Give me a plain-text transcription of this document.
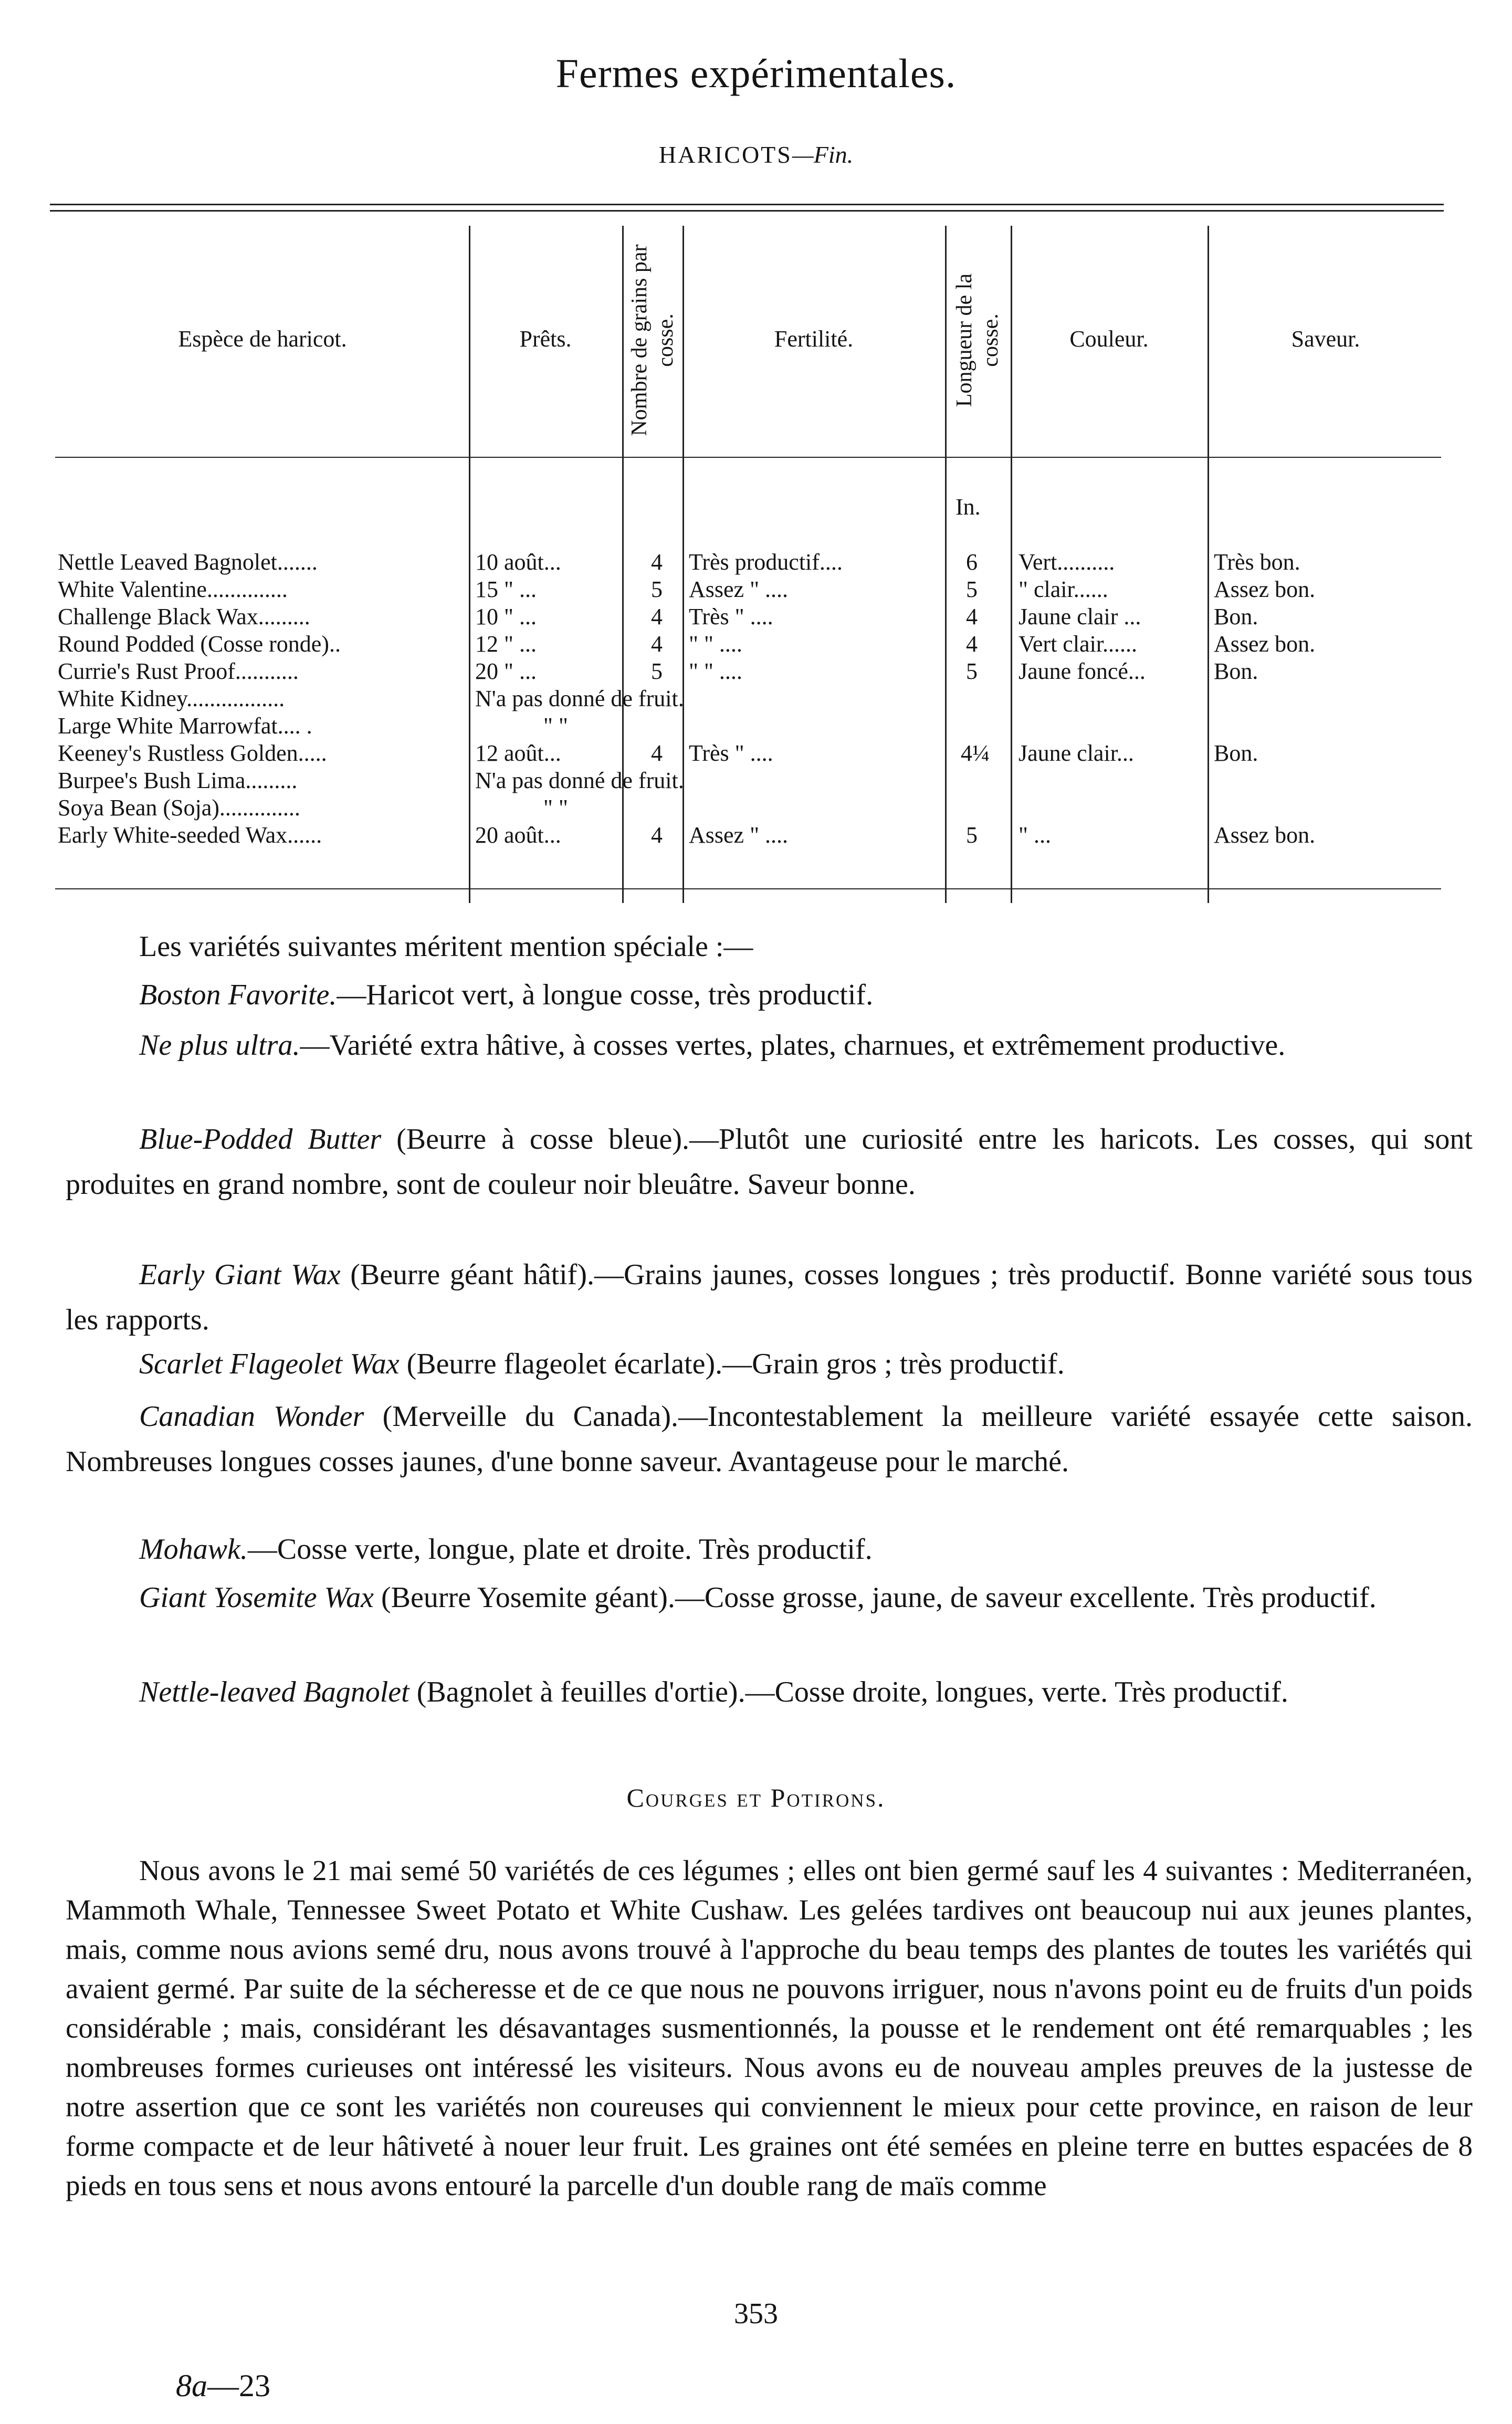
Fermes expérimentales.
HARICOTS—Fin.
Espèce de haricot.	Prêts.	Nombre de grains par cosse.	Fertilité.	Longueur de la cosse.	Couleur.	Saveur.
In.
Nettle Leaved Bagnolet.......	10 août...	4 Très productif....	6 Vert..........	Très bon.
White Valentine..............	15 " ...	5 Assez " ....	5 " clair......	Assez bon.
Challenge Black Wax.........	10 " ...	4 Très " ....	4 Jaune clair ...	Bon.
Round Podded (Cosse ronde)..	12 " ...	4 " " ....	4 Vert clair......	Assez bon.
Currie's Rust Proof...........	20 " ...	5 " " ....	5 Jaune foncé...	Bon.
White Kidney.................	N'a pas donné de fruit.
Large White Marrowfat.... .	" "
Keeney's Rustless Golden.....	12 août...	4 Très " ....	4¼ Jaune clair...	Bon.
Burpee's Bush Lima.........	N'a pas donné de fruit.
Soya Bean (Soja)..............	" "
Early White-seeded Wax......	20 août...	4 Assez " ....	5 " ...	Assez bon.
Les variétés suivantes méritent mention spéciale :—
Boston Favorite.—Haricot vert, à longue cosse, très productif.
Ne plus ultra.—Variété extra hâtive, à cosses vertes, plates, charnues, et extrêmement productive.
Blue-Podded Butter (Beurre à cosse bleue).—Plutôt une curiosité entre les haricots. Les cosses, qui sont produites en grand nombre, sont de couleur noir bleuâtre. Saveur bonne.
Early Giant Wax (Beurre géant hâtif).—Grains jaunes, cosses longues ; très productif. Bonne variété sous tous les rapports.
Scarlet Flageolet Wax (Beurre flageolet écarlate).—Grain gros ; très productif.
Canadian Wonder (Merveille du Canada).—Incontestablement la meilleure variété essayée cette saison. Nombreuses longues cosses jaunes, d'une bonne saveur. Avantageuse pour le marché.
Mohawk.—Cosse verte, longue, plate et droite. Très productif.
Giant Yosemite Wax (Beurre Yosemite géant).—Cosse grosse, jaune, de saveur excellente. Très productif.
Nettle-leaved Bagnolet (Bagnolet à feuilles d'ortie).—Cosse droite, longues, verte. Très productif.
Courges et Potirons.
Nous avons le 21 mai semé 50 variétés de ces légumes ; elles ont bien germé sauf les 4 suivantes : Mediterranéen, Mammoth Whale, Tennessee Sweet Potato et White Cushaw. Les gelées tardives ont beaucoup nui aux jeunes plantes, mais, comme nous avions semé dru, nous avons trouvé à l'approche du beau temps des plantes de toutes les variétés qui avaient germé. Par suite de la sécheresse et de ce que nous ne pouvons irriguer, nous n'avons point eu de fruits d'un poids considérable ; mais, considérant les désavantages susmentionnés, la pousse et le rendement ont été remarquables ; les nombreuses formes curieuses ont intéressé les visiteurs. Nous avons eu de nouveau amples preuves de la justesse de notre assertion que ce sont les variétés non coureuses qui conviennent le mieux pour cette province, en raison de leur forme compacte et de leur hâtiveté à nouer leur fruit. Les graines ont été semées en pleine terre en buttes espacées de 8 pieds en tous sens et nous avons entouré la parcelle d'un double rang de maïs comme
353
8a—23
